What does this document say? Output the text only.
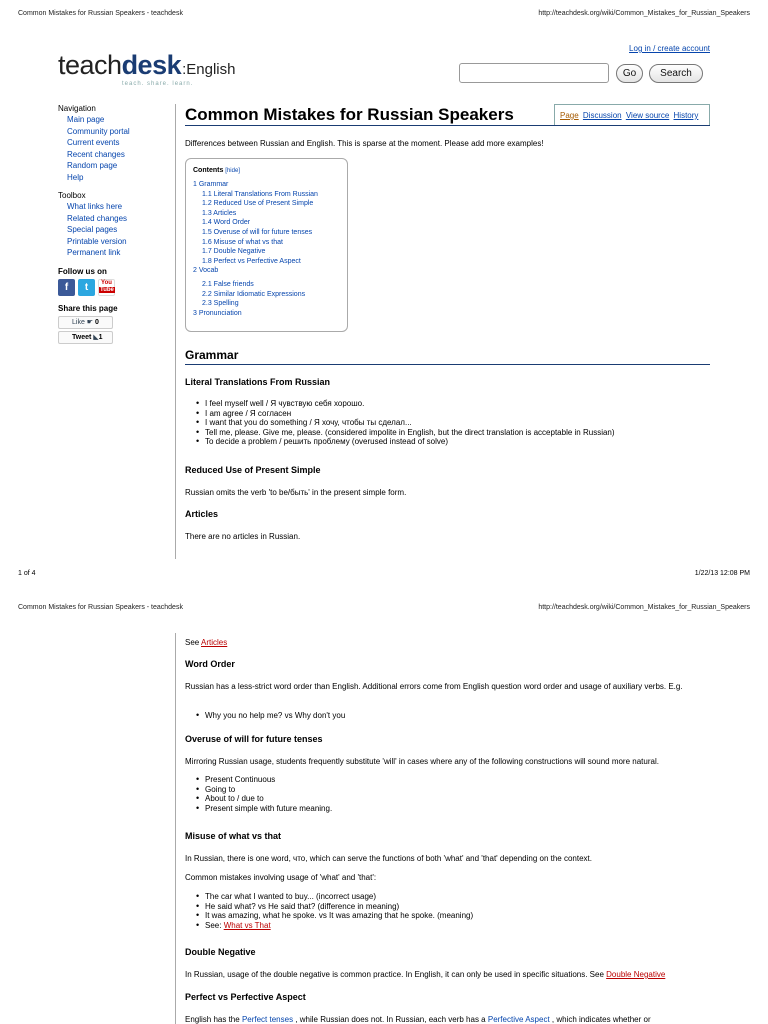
Common Mistakes for Russian Speakers - teachdesk	http://teachdesk.org/wiki/Common_Mistakes_for_Russian_Speakers
Log in / create account
teachdesk:English
teach. share. learn.
Go	Search
Navigation
Main page
Community portal
Current events
Recent changes
Random page
Help
Toolbox
What links here
Related changes
Special pages
Printable version
Permanent link
Follow us on
f	t	You
Tube
Share this page
Like ☛ 0
Tweet ◣1
Common Mistakes for Russian Speakers	Page Discussion View source History

Differences between Russian and English. This is sparse at the moment. Please add more examples!

Contents [hide]
1 Grammar
1.1 Literal Translations From Russian
1.2 Reduced Use of Present Simple
1.3 Articles
1.4 Word Order
1.5 Overuse of will for future tenses
1.6 Misuse of what vs that
1.7 Double Negative
1.8 Perfect vs Perfective Aspect
2 Vocab
2.1 False friends
2.2 Similar Idiomatic Expressions
2.3 Spelling
3 Pronunciation
Grammar
Literal Translations From Russian
• I feel myself well / Я чувствую себя хорошо.
• I am agree / Я согласен
• I want that you do something / Я хочу, чтобы ты сделал...
• Tell me, please. Give me, please. (considered impolite in English, but the direct translation is acceptable in Russian)
• To decide a problem / решить проблему (overused instead of solve)
Reduced Use of Present Simple

Russian omits the verb 'to be/быть' in the present simple form.

Articles

There are no articles in Russian.

1 of 4	1/22/13 12:08 PM
Common Mistakes for Russian Speakers - teachdesk	http://teachdesk.org/wiki/Common_Mistakes_for_Russian_Speakers

See Articles

Word Order

Russian has a less-strict word order than English. Additional errors come from English question word order and usage of auxiliary verbs. E.g.

• Why you no help me? vs Why don't you
Overuse of will for future tenses

Mirroring Russian usage, students frequently substitute 'will' in cases where any of the following constructions will sound more natural.

• Present Continuous
• Going to
• About to / due to
• Present simple with future meaning.
Misuse of what vs that

In Russian, there is one word, что, which can serve the functions of both 'what' and 'that' depending on the context.

Common mistakes involving usage of 'what' and 'that':

• The car what I wanted to buy... (incorrect usage)
• He said what? vs He said that? (difference in meaning)
• It was amazing, what he spoke. vs It was amazing that he spoke. (meaning)
• See: What vs That
Double Negative

In Russian, usage of the double negative is common practice. In English, it can only be used in specific situations. See Double Negative

Perfect vs Perfective Aspect

English has the Perfect tenses , while Russian does not. In Russian, each verb has a Perfective Aspect , which indicates whether or
